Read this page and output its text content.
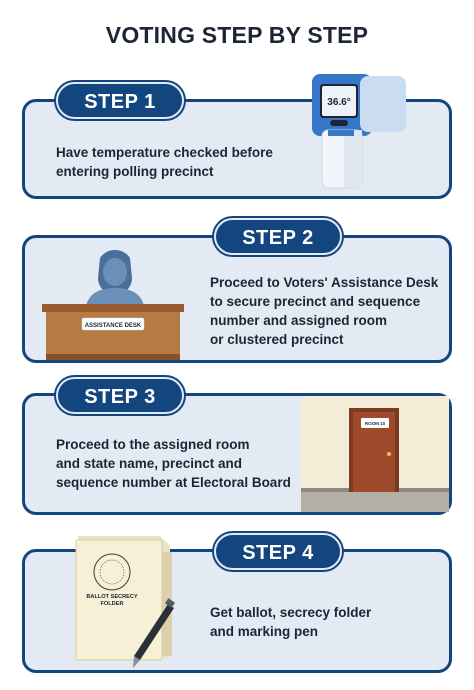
VOTING STEP BY STEP
STEP 1
Have temperature checked before
entering polling precinct
36.6°
STEP 2
Proceed to Voters' Assistance Desk
to secure precinct and sequence
number and assigned room
or clustered precinct
ASSISTANCE DESK
STEP 3
Proceed to the assigned room
and state name, precinct and
sequence number at Electoral Board
ROOM 10
STEP 4
Get ballot, secrecy folder
and marking pen
BALLOT SECRECY
FOLDER
